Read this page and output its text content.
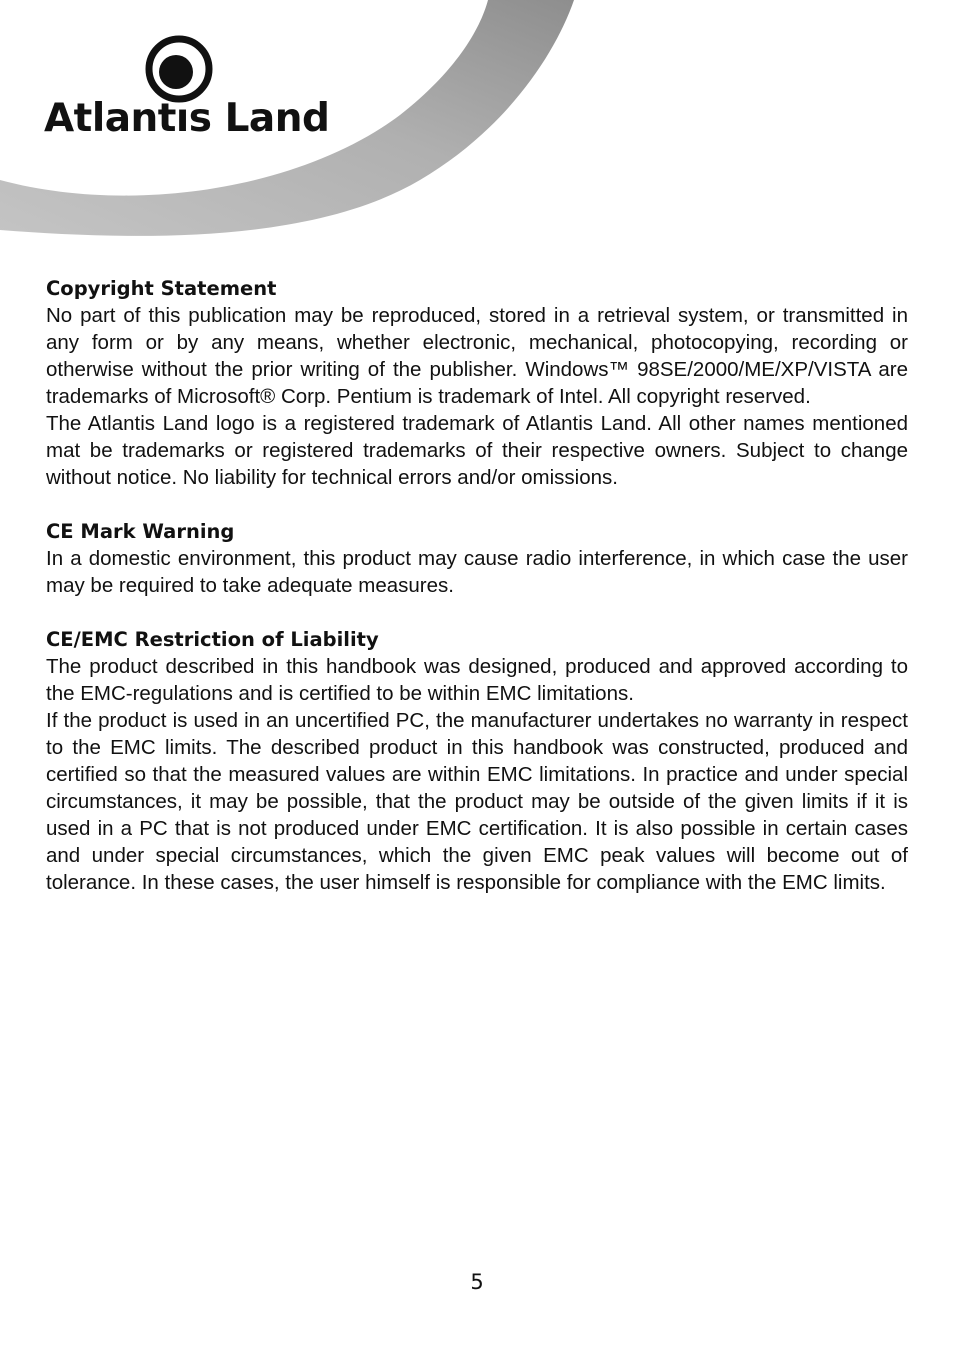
Atlantıs Land

Copyright Statement

No part of this publication may be reproduced, stored in a retrieval system, or transmitted in any form or by any means, whether electronic, mechanical, photocopying, recording or otherwise without the prior writing of the publisher. Windows™ 98SE/2000/ME/XP/VISTA are trademarks of Microsoft® Corp. Pentium is trademark of Intel. All copyright reserved.

The Atlantis Land logo is a registered trademark of Atlantis Land. All other names mentioned mat be trademarks or registered trademarks of their respective owners. Subject to change without notice. No liability for technical errors and/or omissions.

CE Mark Warning

In a domestic environment, this product may cause radio interference, in which case the user may be required to take adequate measures.

CE/EMC Restriction of Liability

The product described in this handbook was designed, produced and approved according to the EMC-regulations and is certified to be within EMC limitations.

If the product is used in an uncertified PC, the manufacturer undertakes no warranty in respect to the EMC limits. The described product in this handbook was constructed, produced and certified so that the measured values are within EMC limitations. In practice and under special circumstances, it may be possible, that the product may be outside of the given limits if it is used in a PC that is not produced under EMC certification. It is also possible in certain cases and under special circumstances, which the given EMC peak values will become out of tolerance. In these cases, the user himself is responsible for compliance with the EMC limits.

5
